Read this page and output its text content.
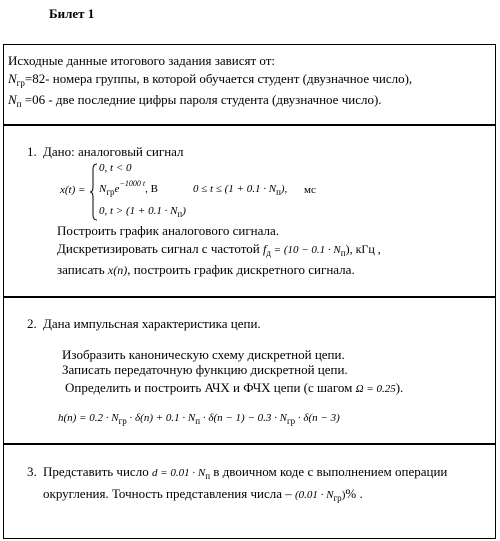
Билет 1
Исходные данные итогового задания зависят от:
$N_{гр}=82-$ номера группы, в которой обучается студент (двузначное число),
$N_п =06$ - две последние цифры пароля студента (двузначное число).
1. Дано: аналоговый сигнал
x(t) =
0, t < 0
$N_{гр}e^{-1000 t}$, В	$0 \le t \le (1 + 0.1 \cdot N_п)$, мс
0, $t > (1 + 0.1 \cdot N_п)$
Построить график аналогового сигнала.
Дискретизировать сигнал с частотой $f_д = (10 - 0.1 \cdot N_п)$, кГц ,
записать x(n), построить график дискретного сигнала.
2. Дана импульсная характеристика цепи.
Изобразить каноническую схему дискретной цепи.
Записать передаточную функцию дискретной цепи.
Определить и построить АЧХ и ФЧХ цепи (с шагом Ω = 0.25).
$h(n) = 0.2 \cdot N_{гр} \cdot \delta(n) + 0.1 \cdot N_п \cdot \delta(n - 1) - 0.3 \cdot N_{гр} \cdot \delta(n - 3)$
3. Представить число $d = 0.01 \cdot N_п$ в двоичном коде с выполнением операции
округления. Точность представления числа – $(0.01 \cdot N_{гр})\%$ .
